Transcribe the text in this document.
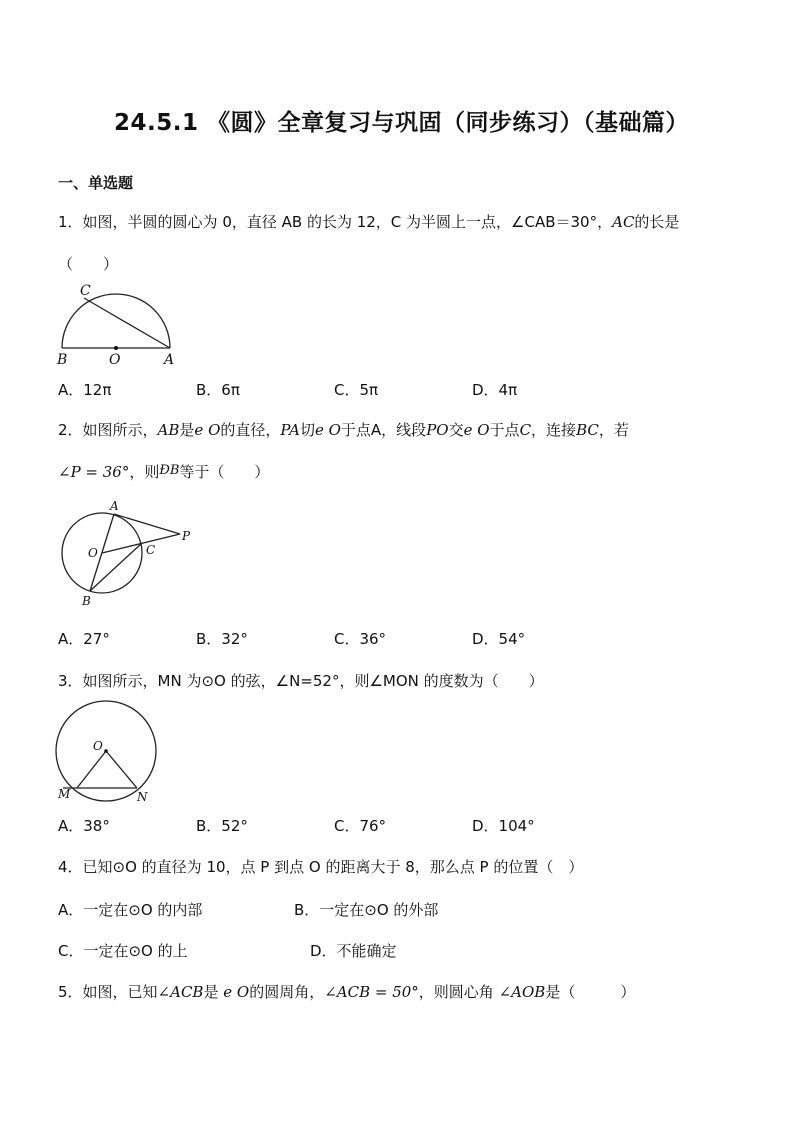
24.5.1 《圆》全章复习与巩固（同步练习）（基础篇）
一、单选题
1．如图，半圆的圆心为 0，直径 AB 的长为 12，C 为半圆上一点，∠CAB＝30°，AC的长是
（　　）
C
B	O	A
A．12π	B．6π	C．5π	D．4π
2．如图所示，AB是e O的直径，PA切e O于点A，线段PO交e O于点C，连接BC，若
∠P = 36°，则ÐB等于（　　）
A
P
O	C
B
A．27°	B．32°	C．36°	D．54°
3．如图所示，MN 为⊙O 的弦，∠N=52°，则∠MON 的度数为（　　）
O
M	N
A．38°	B．52°	C．76°	D．104°
4．已知⊙O 的直径为 10，点 P 到点 O 的距离大于 8，那么点 P 的位置（　）
A．一定在⊙O 的内部	B．一定在⊙O 的外部
C．一定在⊙O 的上	D．不能确定
5．如图，已知∠ACB是 e O的圆周角，∠ACB = 50°，则圆心角 ∠AOB是（　　　）
